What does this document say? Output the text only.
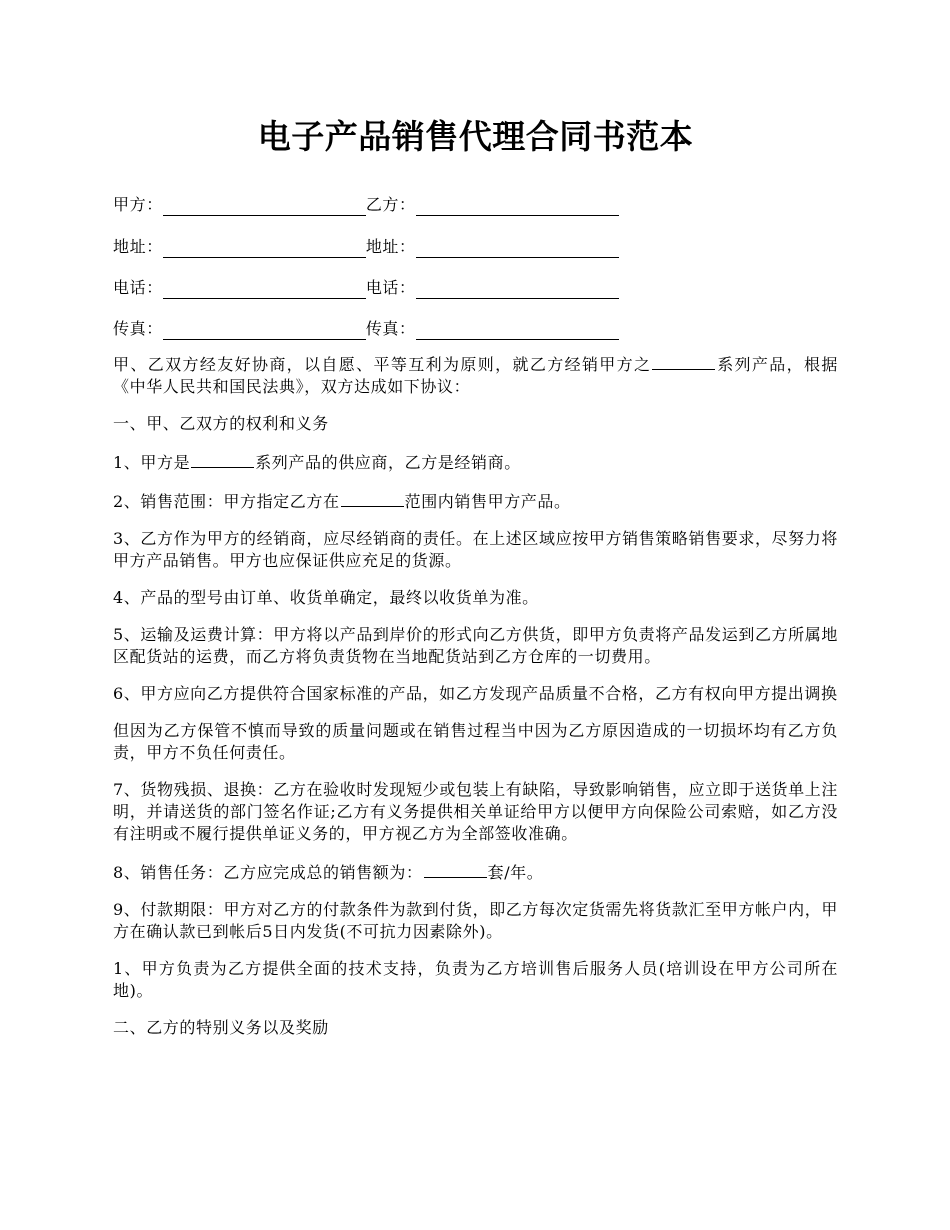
电子产品销售代理合同书范本
甲方：	乙方：
地址：	地址：
电话：	电话：
传真：	传真：

甲、乙双方经友好协商，以自愿、平等互利为原则，就乙方经销甲方之	系列产品，根据《中华人民共和国民法典》，双方达成如下协议：

一、甲、乙双方的权利和义务

1、甲方是	系列产品的供应商，乙方是经销商。

2、销售范围：甲方指定乙方在	范围内销售甲方产品。

3、乙方作为甲方的经销商，应尽经销商的责任。在上述区域应按甲方销售策略销售要求，尽努力将甲方产品销售。甲方也应保证供应充足的货源。

4、产品的型号由订单、收货单确定，最终以收货单为准。

5、运输及运费计算：甲方将以产品到岸价的形式向乙方供货，即甲方负责将产品发运到乙方所属地区配货站的运费，而乙方将负责货物在当地配货站到乙方仓库的一切费用。

6、甲方应向乙方提供符合国家标准的产品，如乙方发现产品质量不合格，乙方有权向甲方提出调换

但因为乙方保管不慎而导致的质量问题或在销售过程当中因为乙方原因造成的一切损坏均有乙方负责，甲方不负任何责任。

7、货物残损、退换：乙方在验收时发现短少或包装上有缺陷，导致影响销售，应立即于送货单上注明，并请送货的部门签名作证;乙方有义务提供相关单证给甲方以便甲方向保险公司索赔，如乙方没有注明或不履行提供单证义务的，甲方视乙方为全部签收准确。

8、销售任务：乙方应完成总的销售额为：	套/年。

9、付款期限：甲方对乙方的付款条件为款到付货，即乙方每次定货需先将货款汇至甲方帐户内，甲方在确认款已到帐后5日内发货(不可抗力因素除外)。

1、甲方负责为乙方提供全面的技术支持，负责为乙方培训售后服务人员(培训设在甲方公司所在地)。

二、乙方的特别义务以及奖励
